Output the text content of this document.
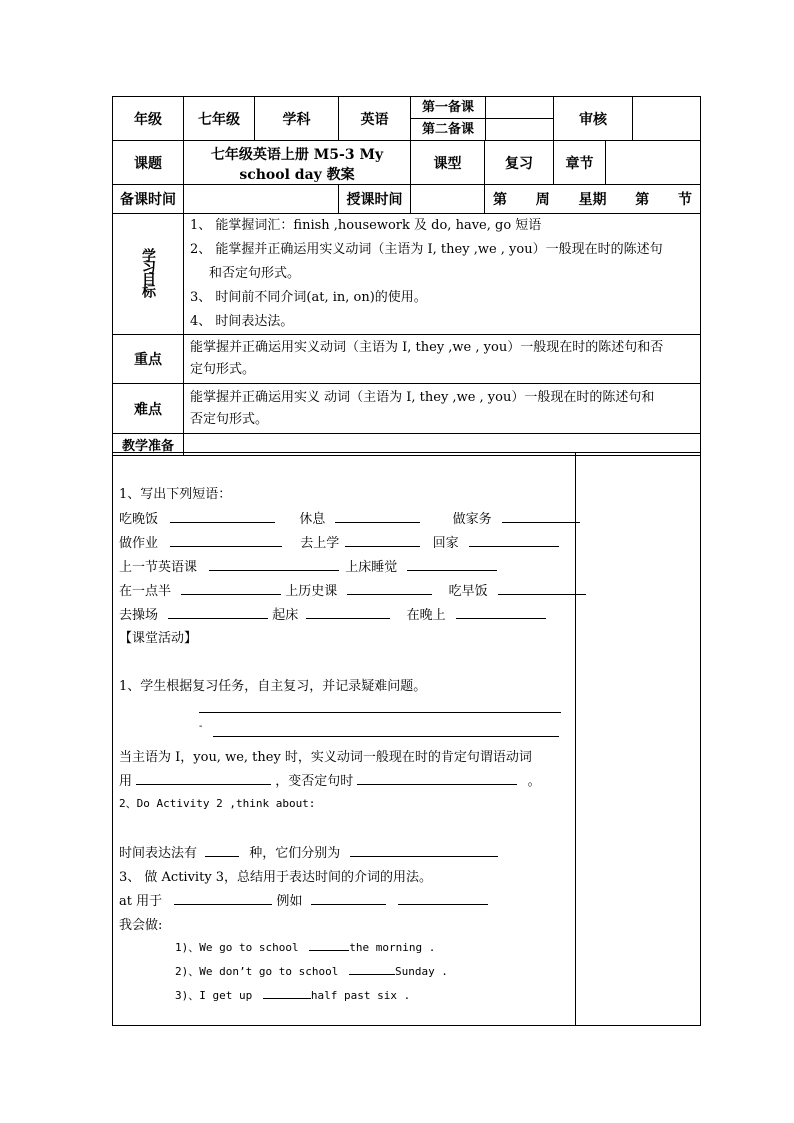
年级	七年级	学科	英语	第一备课
第二备课		审核		
课题	七年级英语上册 M5-3 My school day 教案			课型	复习	章节		
备课时间			授课时间		第 周 星期 第 节			

学习目标	1、 能掌握词汇：finish ,housework 及 do, have, go 短语
2、 能掌握并正确运用实义动词（主语为 I, they ,we , you）一般现在时的陈述句
和否定句形式。
3、 时间前不同介词(at, in, on)的使用。
4、 时间表达法。							

重点	能掌握并正确运用实义动词（主语为 I, they ,we , you）一般现在时的陈述句和否
定句形式。							

难点	能掌握并正确运用实义 动词（主语为 I, they ,we , you）一般现在时的陈述句和
否定句形式。							

教学准备								
1、写出下列短语：
吃晚饭	休息	做家务
做作业	去上学	回家
上一节英语课	上床睡觉
在一点半	上历史课	吃早饭
去操场	起床	在晚上
【课堂活动】
1、学生根据复习任务，自主复习，并记录疑难问题。
-
当主语为 I，you, we, they 时，实义动词一般现在时的肯定句谓语动词
用	，变否定句时	。
2、Do Activity 2 ,think about:
时间表达法有	种，它们分别为
3、 做 Activity 3，总结用于表达时间的介词的用法。
at 用于	例如
我会做:
1)、We go to school	the morning .
2)、We don’t go to school	Sunday .
3)、I get up	half past six .
